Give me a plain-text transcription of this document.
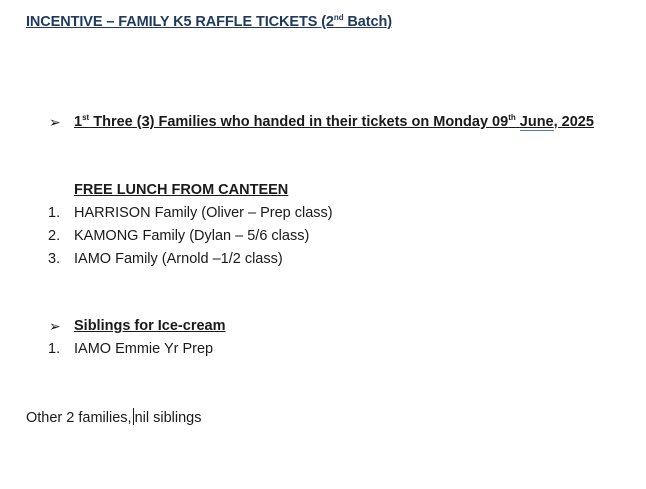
INCENTIVE – FAMILY K5 RAFFLE TICKETS (2nd Batch)
➢ 1st Three (3) Families who handed in their tickets on Monday 09th June, 2025
FREE LUNCH FROM CANTEEN
1. HARRISON Family (Oliver – Prep class)
2. KAMONG Family (Dylan – 5/6 class)
3. IAMO Family (Arnold –1/2 class)
➢ Siblings for Ice-cream
1. IAMO Emmie Yr Prep
Other 2 families, nil siblings
